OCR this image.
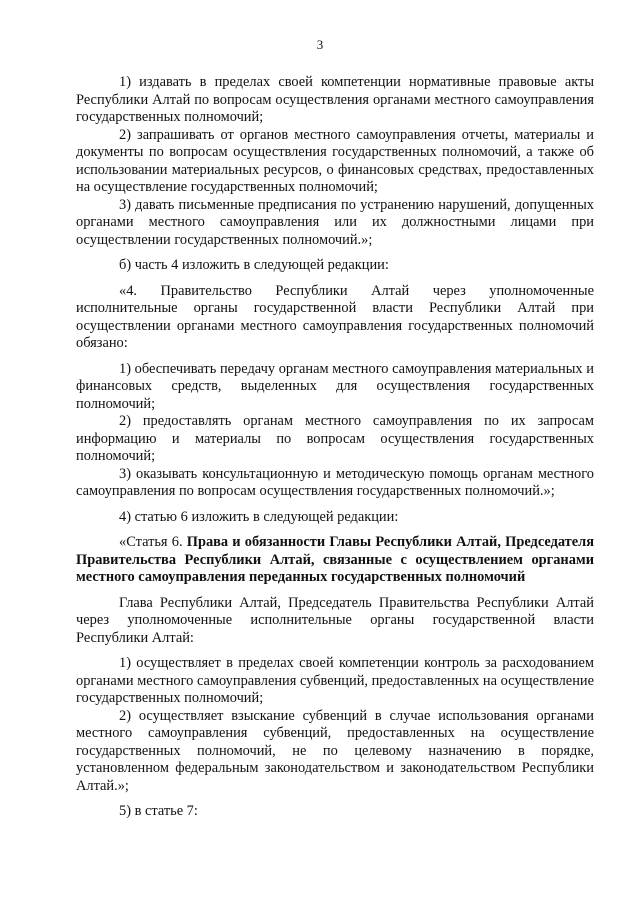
3

1) издавать в пределах своей компетенции нормативные правовые акты Республики Алтай по вопросам осуществления органами местного самоуправления государственных полномочий;

2) запрашивать от органов местного самоуправления отчеты, материалы и документы по вопросам осуществления государственных полномочий, а также об использовании материальных ресурсов, о финансовых средствах, предоставленных на осуществление государственных полномочий;

3) давать письменные предписания по устранению нарушений, допущенных органами местного самоуправления или их должностными лицами при осуществлении государственных полномочий.»;

б) часть 4 изложить в следующей редакции:

«4. Правительство Республики Алтай через уполномоченные исполнительные органы государственной власти Республики Алтай при осуществлении органами местного самоуправления государственных полномочий обязано:

1) обеспечивать передачу органам местного самоуправления материальных и финансовых средств, выделенных для осуществления государственных полномочий;

2) предоставлять органам местного самоуправления по их запросам информацию и материалы по вопросам осуществления государственных полномочий;

3) оказывать консультационную и методическую помощь органам местного самоуправления по вопросам осуществления государственных полномочий.»;

4) статью 6 изложить в следующей редакции:

«Статья 6. Права и обязанности Главы Республики Алтай, Председателя Правительства Республики Алтай, связанные с осуществлением органами местного самоуправления переданных государственных полномочий

Глава Республики Алтай, Председатель Правительства Республики Алтай через уполномоченные исполнительные органы государственной власти Республики Алтай:

1) осуществляет в пределах своей компетенции контроль за расходованием органами местного самоуправления субвенций, предоставленных на осуществление государственных полномочий;

2) осуществляет взыскание субвенций в случае использования органами местного самоуправления субвенций, предоставленных на осуществление государственных полномочий, не по целевому назначению в порядке, установленном федеральным законодательством и законодательством Республики Алтай.»;

5) в статье 7:
